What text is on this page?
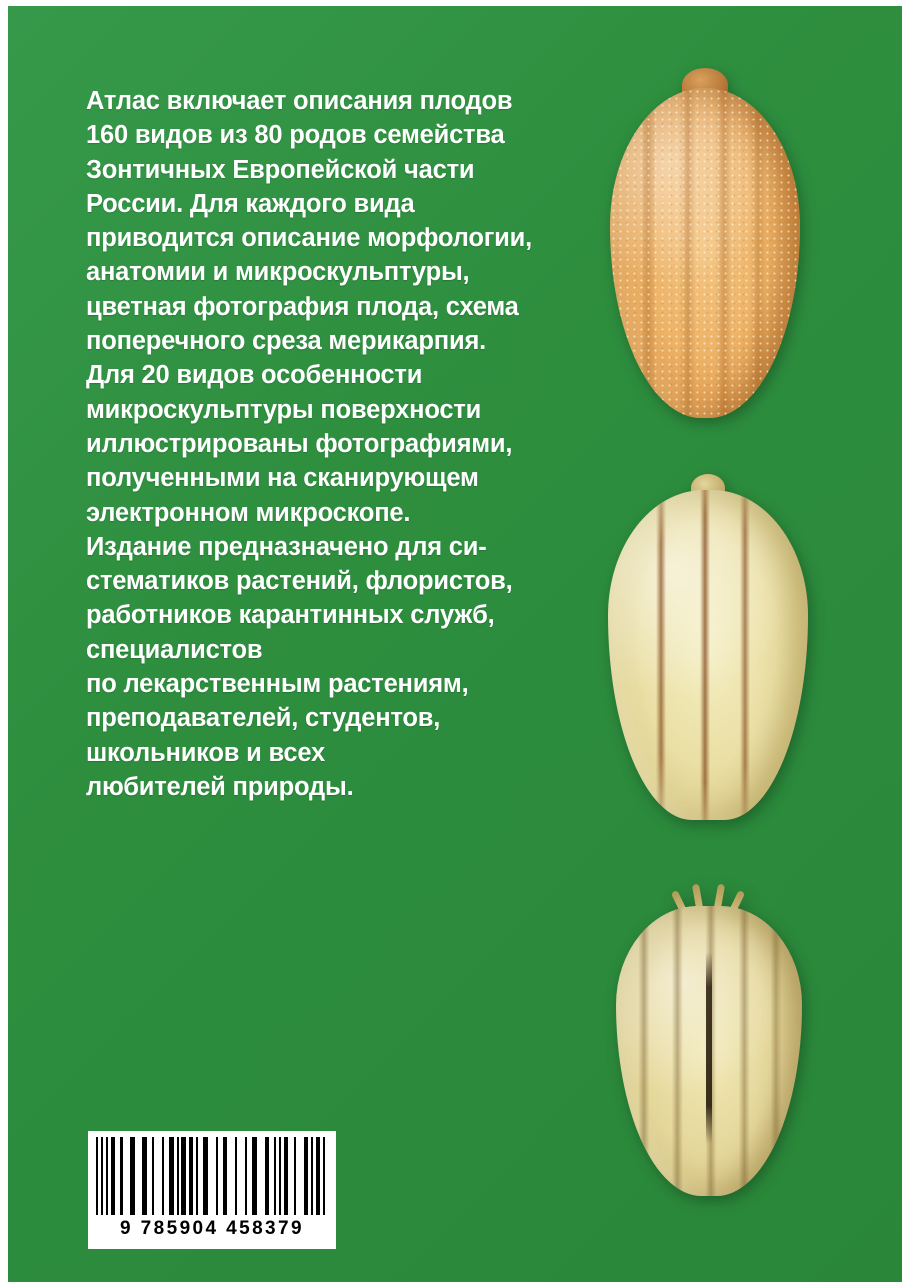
Атлас включает описания плодов

160 видов из 80 родов семейства

Зонтичных Европейской части

России. Для каждого вида

приводится описание морфологии,

анатомии и микроскульптуры,

цветная фотография плода, схема

поперечного среза мерикарпия.

Для 20 видов особенности

микроскульптуры поверхности

иллюстрированы фотографиями,

полученными на сканирующем

электронном микроскопе.

Издание предназначено для си-

стематиков растений, флористов,

работников карантинных служб,

специалистов

по лекарственным растениям,

преподавателей, студентов,

школьников и всех

любителей природы.

9 785904 458379
